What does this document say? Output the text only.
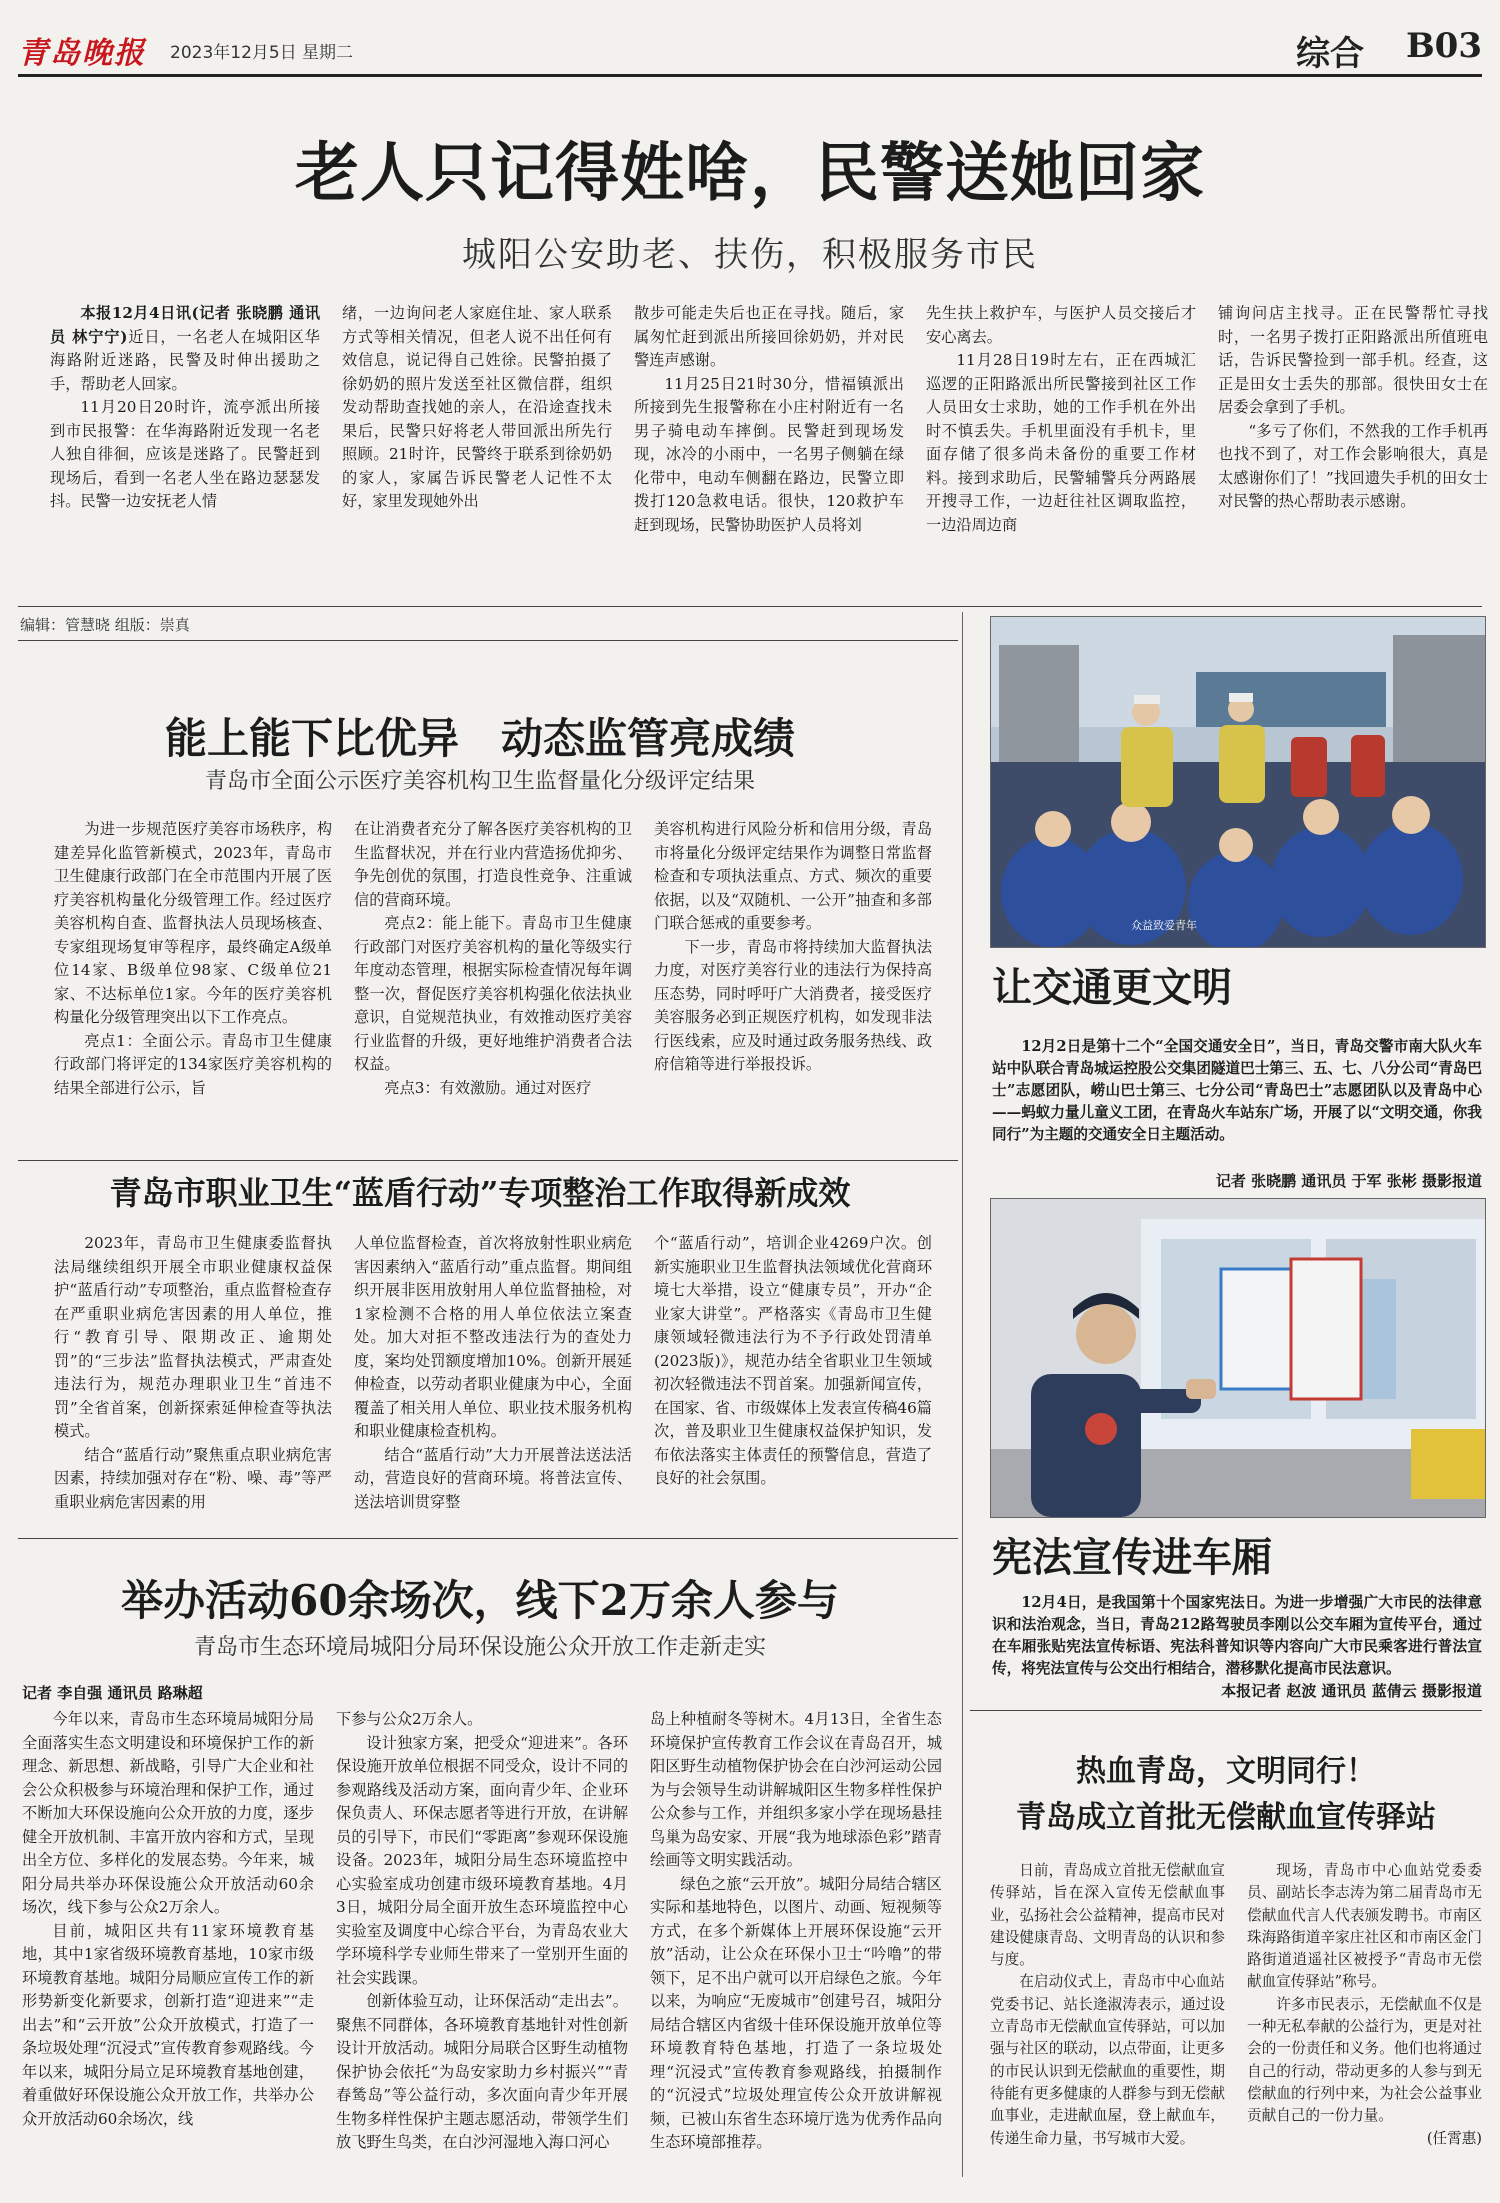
青岛晚报 2023年12月5日 星期二	综合 B03
老人只记得姓啥，民警送她回家
城阳公安助老、扶伤，积极服务市民

本报12月4日讯(记者 张晓鹏 通讯员 林宁宁)近日，一名老人在城阳区华海路附近迷路，民警及时伸出援助之手，帮助老人回家。

11月20日20时许，流亭派出所接到市民报警：在华海路附近发现一名老人独自徘徊，应该是迷路了。民警赶到现场后，看到一名老人坐在路边瑟瑟发抖。民警一边安抚老人情

绪，一边询问老人家庭住址、家人联系方式等相关情况，但老人说不出任何有效信息，说记得自己姓徐。民警拍摄了徐奶奶的照片发送至社区微信群，组织发动帮助查找她的亲人，在沿途查找未果后，民警只好将老人带回派出所先行照顾。21时许，民警终于联系到徐奶奶的家人，家属告诉民警老人记性不太好，家里发现她外出

散步可能走失后也正在寻找。随后，家属匆忙赶到派出所接回徐奶奶，并对民警连声感谢。

11月25日21时30分，惜福镇派出所接到先生报警称在小庄村附近有一名男子骑电动车摔倒。民警赶到现场发现，冰冷的小雨中，一名男子侧躺在绿化带中，电动车侧翻在路边，民警立即拨打120急救电话。很快，120救护车赶到现场，民警协助医护人员将刘

先生扶上救护车，与医护人员交接后才安心离去。

11月28日19时左右，正在西城汇巡逻的正阳路派出所民警接到社区工作人员田女士求助，她的工作手机在外出时不慎丢失。手机里面没有手机卡，里面存储了很多尚未备份的重要工作材料。接到求助后，民警辅警兵分两路展开搜寻工作，一边赶往社区调取监控，一边沿周边商

铺询问店主找寻。正在民警帮忙寻找时，一名男子拨打正阳路派出所值班电话，告诉民警捡到一部手机。经查，这正是田女士丢失的那部。很快田女士在居委会拿到了手机。

“多亏了你们，不然我的工作手机再也找不到了，对工作会影响很大，真是太感谢你们了！”找回遗失手机的田女士对民警的热心帮助表示感谢。

编辑：管慧晓 组版：崇真
能上能下比优异　动态监管亮成绩
青岛市全面公示医疗美容机构卫生监督量化分级评定结果

为进一步规范医疗美容市场秩序，构建差异化监管新模式，2023年，青岛市卫生健康行政部门在全市范围内开展了医疗美容机构量化分级管理工作。经过医疗美容机构自查、监督执法人员现场核查、专家组现场复审等程序，最终确定A级单位14家、B级单位98家、C级单位21家、不达标单位1家。今年的医疗美容机构量化分级管理突出以下工作亮点。

亮点1：全面公示。青岛市卫生健康行政部门将评定的134家医疗美容机构的结果全部进行公示，旨

在让消费者充分了解各医疗美容机构的卫生监督状况，并在行业内营造扬优抑劣、争先创优的氛围，打造良性竞争、注重诚信的营商环境。

亮点2：能上能下。青岛市卫生健康行政部门对医疗美容机构的量化等级实行年度动态管理，根据实际检查情况每年调整一次，督促医疗美容机构强化依法执业意识，自觉规范执业，有效推动医疗美容行业监督的升级，更好地维护消费者合法权益。

亮点3：有效激励。通过对医疗

美容机构进行风险分析和信用分级，青岛市将量化分级评定结果作为调整日常监督检查和专项执法重点、方式、频次的重要依据，以及“双随机、一公开”抽查和多部门联合惩戒的重要参考。

下一步，青岛市将持续加大监督执法力度，对医疗美容行业的违法行为保持高压态势，同时呼吁广大消费者，接受医疗美容服务必到正规医疗机构，如发现非法行医线索，应及时通过政务服务热线、政府信箱等进行举报投诉。

青岛市职业卫生“蓝盾行动”专项整治工作取得新成效

2023年，青岛市卫生健康委监督执法局继续组织开展全市职业健康权益保护“蓝盾行动”专项整治，重点监督检查存在严重职业病危害因素的用人单位，推行“教育引导、限期改正、逾期处罚”的“三步法”监督执法模式，严肃查处违法行为，规范办理职业卫生“首违不罚”全省首案，创新探索延伸检查等执法模式。

结合“蓝盾行动”聚焦重点职业病危害因素，持续加强对存在“粉、噪、毒”等严重职业病危害因素的用

人单位监督检查，首次将放射性职业病危害因素纳入“蓝盾行动”重点监督。期间组织开展非医用放射用人单位监督抽检，对1家检测不合格的用人单位依法立案查处。加大对拒不整改违法行为的查处力度，案均处罚额度增加10%。创新开展延伸检查，以劳动者职业健康为中心，全面覆盖了相关用人单位、职业技术服务机构和职业健康检查机构。

结合“蓝盾行动”大力开展普法送法活动，营造良好的营商环境。将普法宣传、送法培训贯穿整

个“蓝盾行动”，培训企业4269户次。创新实施职业卫生监督执法领域优化营商环境七大举措，设立“健康专员”，开办“企业家大讲堂”。严格落实《青岛市卫生健康领域轻微违法行为不予行政处罚清单(2023版)》，规范办结全省职业卫生领域初次轻微违法不罚首案。加强新闻宣传，在国家、省、市级媒体上发表宣传稿46篇次，普及职业卫生健康权益保护知识，发布依法落实主体责任的预警信息，营造了良好的社会氛围。

举办活动60余场次，线下2万余人参与
青岛市生态环境局城阳分局环保设施公众开放工作走新走实
记者 李自强 通讯员 路琳超

今年以来，青岛市生态环境局城阳分局全面落实生态文明建设和环境保护工作的新理念、新思想、新战略，引导广大企业和社会公众积极参与环境治理和保护工作，通过不断加大环保设施向公众开放的力度，逐步健全开放机制、丰富开放内容和方式，呈现出全方位、多样化的发展态势。今年来，城阳分局共举办环保设施公众开放活动60余场次，线下参与公众2万余人。

目前，城阳区共有11家环境教育基地，其中1家省级环境教育基地，10家市级环境教育基地。城阳分局顺应宣传工作的新形势新变化新要求，创新打造“迎进来”“走出去”和“云开放”公众开放模式，打造了一条垃圾处理“沉浸式”宣传教育参观路线。今年以来，城阳分局立足环境教育基地创建，着重做好环保设施公众开放工作，共举办公众开放活动60余场次，线

下参与公众2万余人。

设计独家方案，把受众“迎进来”。各环保设施开放单位根据不同受众，设计不同的参观路线及活动方案，面向青少年、企业环保负责人、环保志愿者等进行开放，在讲解员的引导下，市民们“零距离”参观环保设施设备。2023年，城阳分局生态环境监控中心实验室成功创建市级环境教育基地。4月3日，城阳分局全面开放生态环境监控中心实验室及调度中心综合平台，为青岛农业大学环境科学专业师生带来了一堂别开生面的社会实践课。

创新体验互动，让环保活动“走出去”。聚焦不同群体，各环境教育基地针对性创新设计开放活动。城阳分局联合区野生动植物保护协会依托“为岛安家助力乡村振兴”“青春鸶岛”等公益行动，多次面向青少年开展生物多样性保护主题志愿活动，带领学生们放飞野生鸟类，在白沙河湿地入海口河心

岛上种植耐冬等树木。4月13日，全省生态环境保护宣传教育工作会议在青岛召开，城阳区野生动植物保护协会在白沙河运动公园为与会领导生动讲解城阳区生物多样性保护公众参与工作，并组织多家小学在现场悬挂鸟巢为岛安家、开展“我为地球添色彩”踏青绘画等文明实践活动。

绿色之旅“云开放”。城阳分局结合辖区实际和基地特色，以图片、动画、短视频等方式，在多个新媒体上开展环保设施“云开放”活动，让公众在环保小卫士“吟噜”的带领下，足不出户就可以开启绿色之旅。今年以来，为响应“无废城市”创建号召，城阳分局结合辖区内省级十佳环保设施开放单位等环境教育特色基地，打造了一条垃圾处理“沉浸式”宣传教育参观路线，拍摄制作的“沉浸式”垃圾处理宣传公众开放讲解视频，已被山东省生态环境厅选为优秀作品向生态环境部推荐。

众益致爱青年
让交通更文明

12月2日是第十二个“全国交通安全日”，当日，青岛交警市南大队火车站中队联合青岛城运控股公交集团隧道巴士第三、五、七、八分公司“青岛巴士”志愿团队，崂山巴士第三、七分公司“青岛巴士”志愿团队以及青岛中心——蚂蚁力量儿童义工团，在青岛火车站东广场，开展了以“文明交通，你我同行”为主题的交通安全日主题活动。

记者 张晓鹏 通讯员 于军 张彬 摄影报道
宪法宣传进车厢

12月4日，是我国第十个国家宪法日。为进一步增强广大市民的法律意识和法治观念，当日，青岛212路驾驶员李刚以公交车厢为宣传平台，通过在车厢张贴宪法宣传标语、宪法科普知识等内容向广大市民乘客进行普法宣传，将宪法宣传与公交出行相结合，潜移默化提高市民法意识。

本报记者 赵波 通讯员 蓝倩云 摄影报道
热血青岛，文明同行！
青岛成立首批无偿献血宣传驿站

日前，青岛成立首批无偿献血宣传驿站，旨在深入宣传无偿献血事业，弘扬社会公益精神，提高市民对建设健康青岛、文明青岛的认识和参与度。

在启动仪式上，青岛市中心血站党委书记、站长逄淑涛表示，通过设立青岛市无偿献血宣传驿站，可以加强与社区的联动，以点带面，让更多的市民认识到无偿献血的重要性，期待能有更多健康的人群参与到无偿献血事业，走进献血屋，登上献血车，传递生命力量，书写城市大爱。

现场，青岛市中心血站党委委员、副站长李志涛为第二届青岛市无偿献血代言人代表颁发聘书。市南区珠海路街道辛家庄社区和市南区金门路街道逍遥社区被授予“青岛市无偿献血宣传驿站”称号。

许多市民表示，无偿献血不仅是一种无私奉献的公益行为，更是对社会的一份责任和义务。他们也将通过自己的行动，带动更多的人参与到无偿献血的行列中来，为社会公益事业贡献自己的一份力量。

(任霄惠)
